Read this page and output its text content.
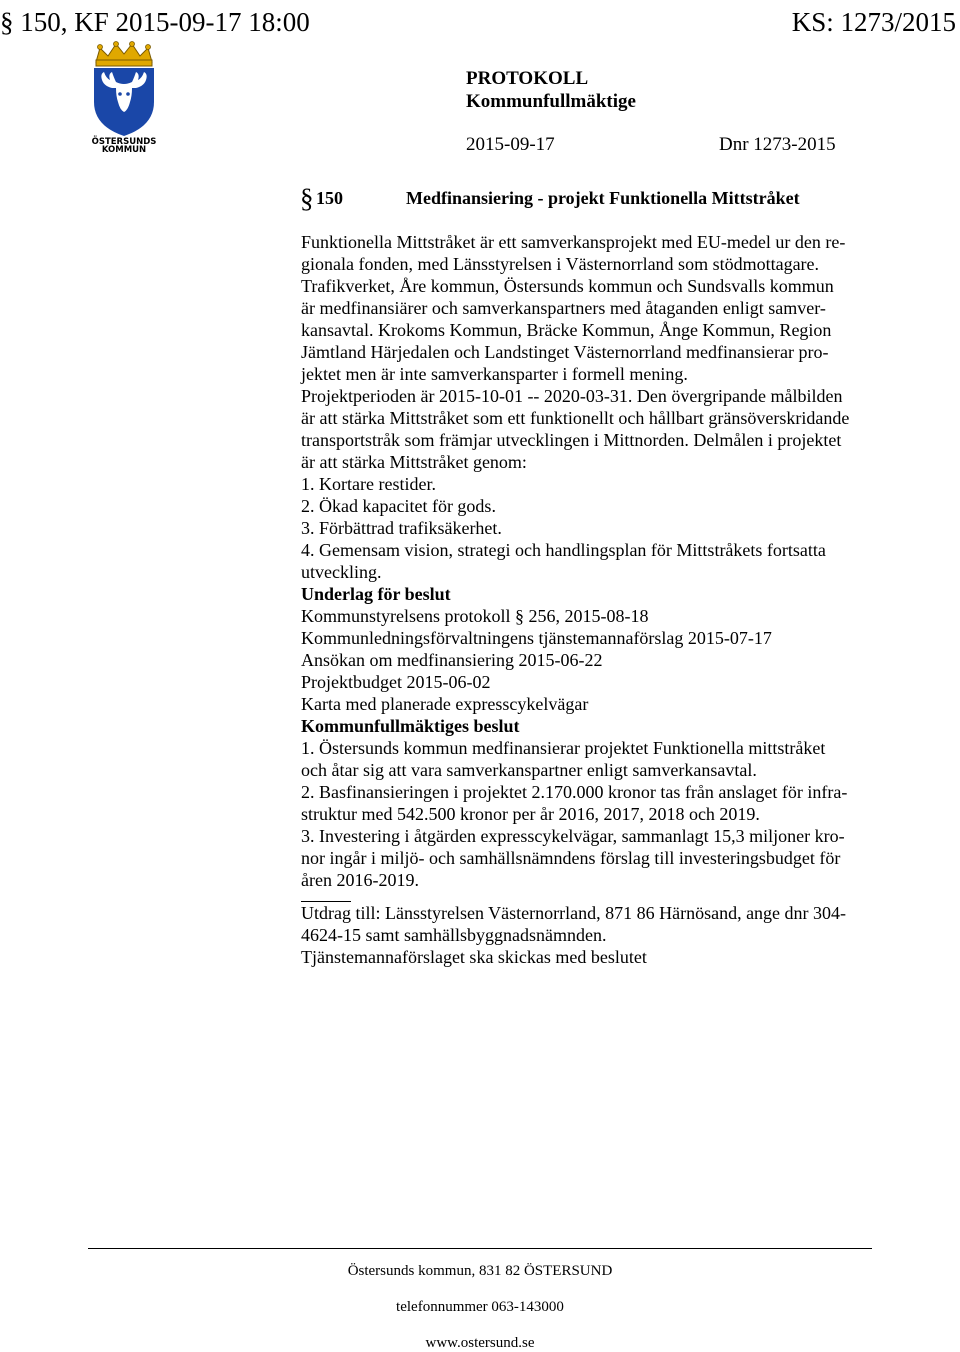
§ 150, KF 2015-09-17 18:00	KS: 1273/2015
ÖSTERSUNDS
KOMMUN
PROTOKOLL
Kommunfullmäktige
2015-09-17	Dnr 1273-2015
§ 150	Medfinansiering - projekt Funktionella Mittstråket

Funktionella Mittstråket är ett samverkansprojekt med EU-medel ur den re-
gionala fonden, med Länsstyrelsen i Västernorrland som stödmottagare.
Trafikverket, Åre kommun, Östersunds kommun och Sundsvalls kommun
är medfinansiärer och samverkanspartners med åtaganden enligt samver-
kansavtal. Krokoms Kommun, Bräcke Kommun, Ånge Kommun, Region
Jämtland Härjedalen och Landstinget Västernorrland medfinansierar pro-
jektet men är inte samverkansparter i formell mening.

Projektperioden är 2015-10-01 -- 2020-03-31. Den övergripande målbilden
är att stärka Mittstråket som ett funktionellt och hållbart gränsöverskridande
transportstråk som främjar utvecklingen i Mittnorden. Delmålen i projektet
är att stärka Mittstråket genom:
1. Kortare restider.
2. Ökad kapacitet för gods.
3. Förbättrad trafiksäkerhet.
4. Gemensam vision, strategi och handlingsplan för Mittstråkets fortsatta
utveckling.

Underlag för beslut

Kommunstyrelsens protokoll § 256, 2015-08-18
Kommunledningsförvaltningens tjänstemannaförslag 2015-07-17
Ansökan om medfinansiering 2015-06-22
Projektbudget 2015-06-02
Karta med planerade expresscykelvägar

Kommunfullmäktiges beslut

1. Östersunds kommun medfinansierar projektet Funktionella mittstråket
och åtar sig att vara samverkanspartner enligt samverkansavtal.

2. Basfinansieringen i projektet 2.170.000 kronor tas från anslaget för infra-
struktur med 542.500 kronor per år 2016, 2017, 2018 och 2019.

3. Investering i åtgärden expresscykelvägar, sammanlagt 15,3 miljoner kro-
nor ingår i miljö- och samhällsnämndens förslag till investeringsbudget för
åren 2016-2019.

Utdrag till: Länsstyrelsen Västernorrland, 871 86 Härnösand, ange dnr 304-
4624-15 samt samhällsbyggnadsnämnden.
Tjänstemannaförslaget ska skickas med beslutet

Östersunds kommun, 831 82 ÖSTERSUND

telefonnummer 063-143000

www.ostersund.se
